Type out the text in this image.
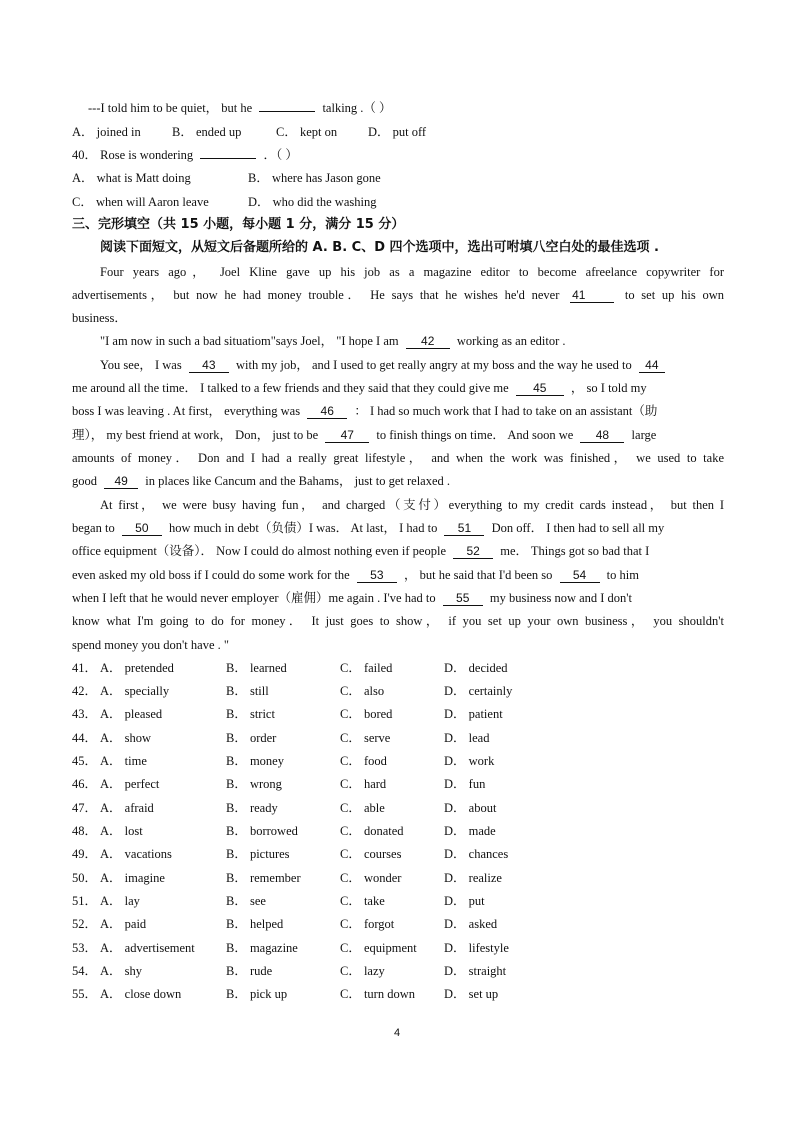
---I told him to be quiet， but he	talking .（ ）
A． joined in	B． ended up	C． kept on D． put off
40． Rose is wondering	．（ ）
A． what is Matt doing	B． where has Jason gone
C． when will Aaron leave	D． who did the washing
三、完形填空（共 15 小题，每小题 1 分，满分 15 分）
阅读下面短文，从短文后备题所给的 A. B. C、D 四个选项中，选出可咐填八空白处的最佳选项 .
Four years ago， Joel Kline gave up his job as a magazine editor to become afreelance copywriter for
advertisements， but now he had money trouble． He says that he wishes he'd never 41	to set up his own
business．
"I am now in such a bad situatiom"says Joel， "I hope I am 42 working as an editor .
You see， I was 43 with my job， and I used to get really angry at my boss and the way he used to 44
me around all the time． I talked to a few friends and they said that they could give me 45 ， so I told my
boss I was leaving . At first， everything was 46 ： I had so much work that I had to take on an assistant（助
理）， my best friend at work， Don， just to be 47 to finish things on time． And soon we 48 large
amounts of money． Don and I had a really great lifestyle， and when the work was finished， we used to take
good 49 in places like Cancum and the Bahams， just to get relaxed .
At first， we were busy having fun， and charged（支付）everything to my credit cards instead， but then I
began to 50 how much in debt（负债）I was． At last， I had to 51 Don off． I then had to sell all my
office equipment（设备）． Now I could do almost nothing even if people 52 me． Things got so bad that I
even asked my old boss if I could do some work for the 53 ， but he said that I'd been so 54 to him
when I left that he would never employer（雇佣）me again . I've had to 55 my business now and I don't
know what I'm going to do for money． It just goes to show， if you set up your own business， you shouldn't
spend money you don't have . "
41． A． pretended	B． learned	C． failed	D． decided
42． A． specially	B． still	C． also	D． certainly
43． A． pleased	B． strict	C． bored	D． patient
44． A． show	B． order	C． serve	D． lead
45． A． time	B． money	C． food	D． work
46． A． perfect	B． wrong	C． hard	D． fun
47． A． afraid	B． ready	C． able	D． about
48． A． lost	B． borrowed	C． donated	D． made
49． A． vacations	B． pictures	C． courses	D． chances
50． A． imagine	B． remember	C． wonder	D． realize
51． A． lay	B． see	C． take	D． put
52． A． paid	B． helped	C． forgot	D． asked
53． A． advertisement B． magazine	C． equipment D． lifestyle
54． A． shy	B． rude	C． lazy	D． straight
55． A． close down	B． pick up	C． turn down D． set up
4
